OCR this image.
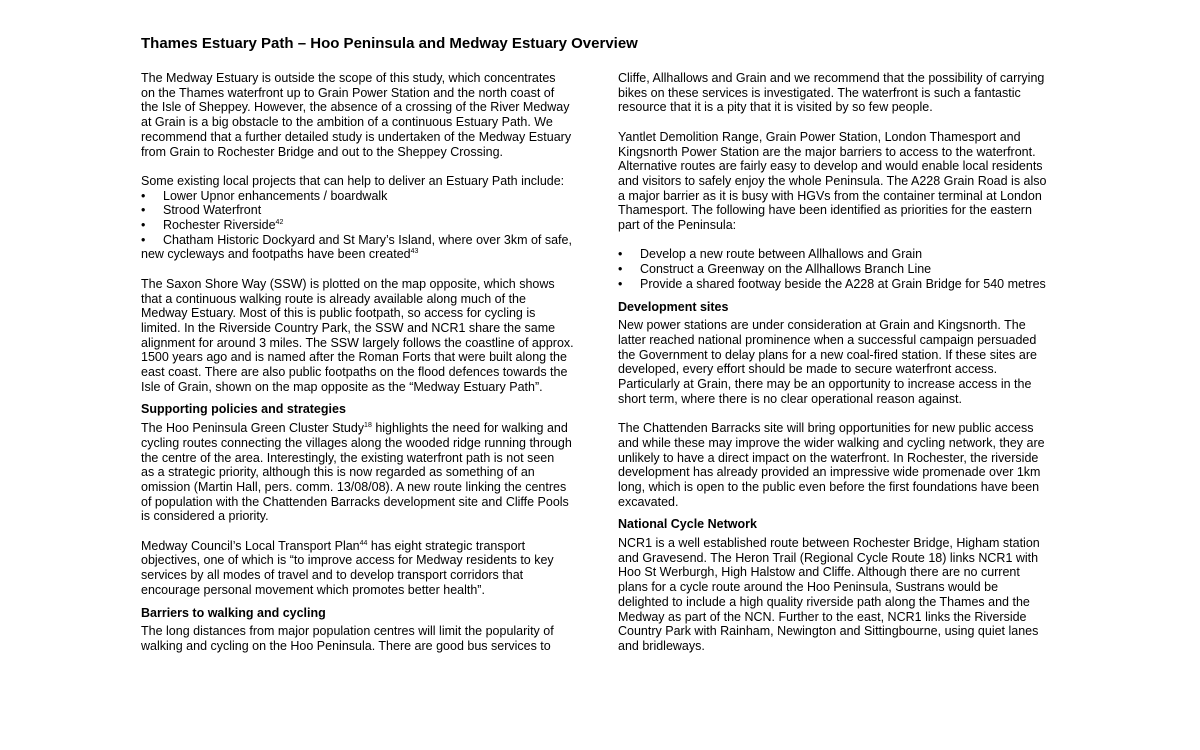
Thames Estuary Path – Hoo Peninsula and Medway Estuary Overview
The Medway Estuary is outside the scope of this study, which concentrates
on the Thames waterfront up to Grain Power Station and the north coast of
the Isle of Sheppey. However, the absence of a crossing of the River Medway
at Grain is a big obstacle to the ambition of a continuous Estuary Path. We
recommend that a further detailed study is undertaken of the Medway Estuary
from Grain to Rochester Bridge and out to the Sheppey Crossing.
Some existing local projects that can help to deliver an Estuary Path include:
• Lower Upnor enhancements / boardwalk
• Strood Waterfront
• Rochester Riverside$^{42}$
• Chatham Historic Dockyard and St Mary’s Island, where over 3km of safe,
new cycleways and footpaths have been created$^{43}$
The Saxon Shore Way (SSW) is plotted on the map opposite, which shows
that a continuous walking route is already available along much of the
Medway Estuary. Most of this is public footpath, so access for cycling is
limited. In the Riverside Country Park, the SSW and NCR1 share the same
alignment for around 3 miles. The SSW largely follows the coastline of approx.
1500 years ago and is named after the Roman Forts that were built along the
east coast. There are also public footpaths on the flood defences towards the
Isle of Grain, shown on the map opposite as the “Medway Estuary Path”.
Supporting policies and strategies
The Hoo Peninsula Green Cluster Study$^{18}$ highlights the need for walking and
cycling routes connecting the villages along the wooded ridge running through
the centre of the area. Interestingly, the existing waterfront path is not seen
as a strategic priority, although this is now regarded as something of an
omission (Martin Hall, pers. comm. 13/08/08). A new route linking the centres
of population with the Chattenden Barracks development site and Cliffe Pools
is considered a priority.
Medway Council’s Local Transport Plan$^{44}$ has eight strategic transport
objectives, one of which is “to improve access for Medway residents to key
services by all modes of travel and to develop transport corridors that
encourage personal movement which promotes better health”.
Barriers to walking and cycling
The long distances from major population centres will limit the popularity of
walking and cycling on the Hoo Peninsula. There are good bus services to
Cliffe, Allhallows and Grain and we recommend that the possibility of carrying
bikes on these services is investigated. The waterfront is such a fantastic
resource that it is a pity that it is visited by so few people.
Yantlet Demolition Range, Grain Power Station, London Thamesport and
Kingsnorth Power Station are the major barriers to access to the waterfront.
Alternative routes are fairly easy to develop and would enable local residents
and visitors to safely enjoy the whole Peninsula. The A228 Grain Road is also
a major barrier as it is busy with HGVs from the container terminal at London
Thamesport. The following have been identified as priorities for the eastern
part of the Peninsula:
• Develop a new route between Allhallows and Grain
• Construct a Greenway on the Allhallows Branch Line
• Provide a shared footway beside the A228 at Grain Bridge for 540 metres
Development sites
New power stations are under consideration at Grain and Kingsnorth. The
latter reached national prominence when a successful campaign persuaded
the Government to delay plans for a new coal-fired station. If these sites are
developed, every effort should be made to secure waterfront access.
Particularly at Grain, there may be an opportunity to increase access in the
short term, where there is no clear operational reason against.
The Chattenden Barracks site will bring opportunities for new public access
and while these may improve the wider walking and cycling network, they are
unlikely to have a direct impact on the waterfront. In Rochester, the riverside
development has already provided an impressive wide promenade over 1km
long, which is open to the public even before the first foundations have been
excavated.
National Cycle Network
NCR1 is a well established route between Rochester Bridge, Higham station
and Gravesend. The Heron Trail (Regional Cycle Route 18) links NCR1 with
Hoo St Werburgh, High Halstow and Cliffe. Although there are no current
plans for a cycle route around the Hoo Peninsula, Sustrans would be
delighted to include a high quality riverside path along the Thames and the
Medway as part of the NCN. Further to the east, NCR1 links the Riverside
Country Park with Rainham, Newington and Sittingbourne, using quiet lanes
and bridleways.
